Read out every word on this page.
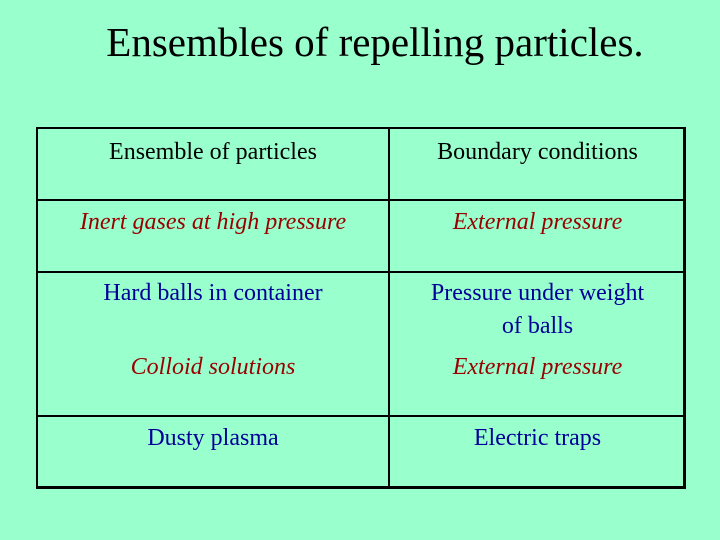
Ensembles of repelling particles.
Ensemble of particles	Boundary conditions
Inert gases at high pressure	External pressure
Hard balls in container	Pressure under weight
of balls
Colloid solutions	External pressure
Dusty plasma	Electric traps
